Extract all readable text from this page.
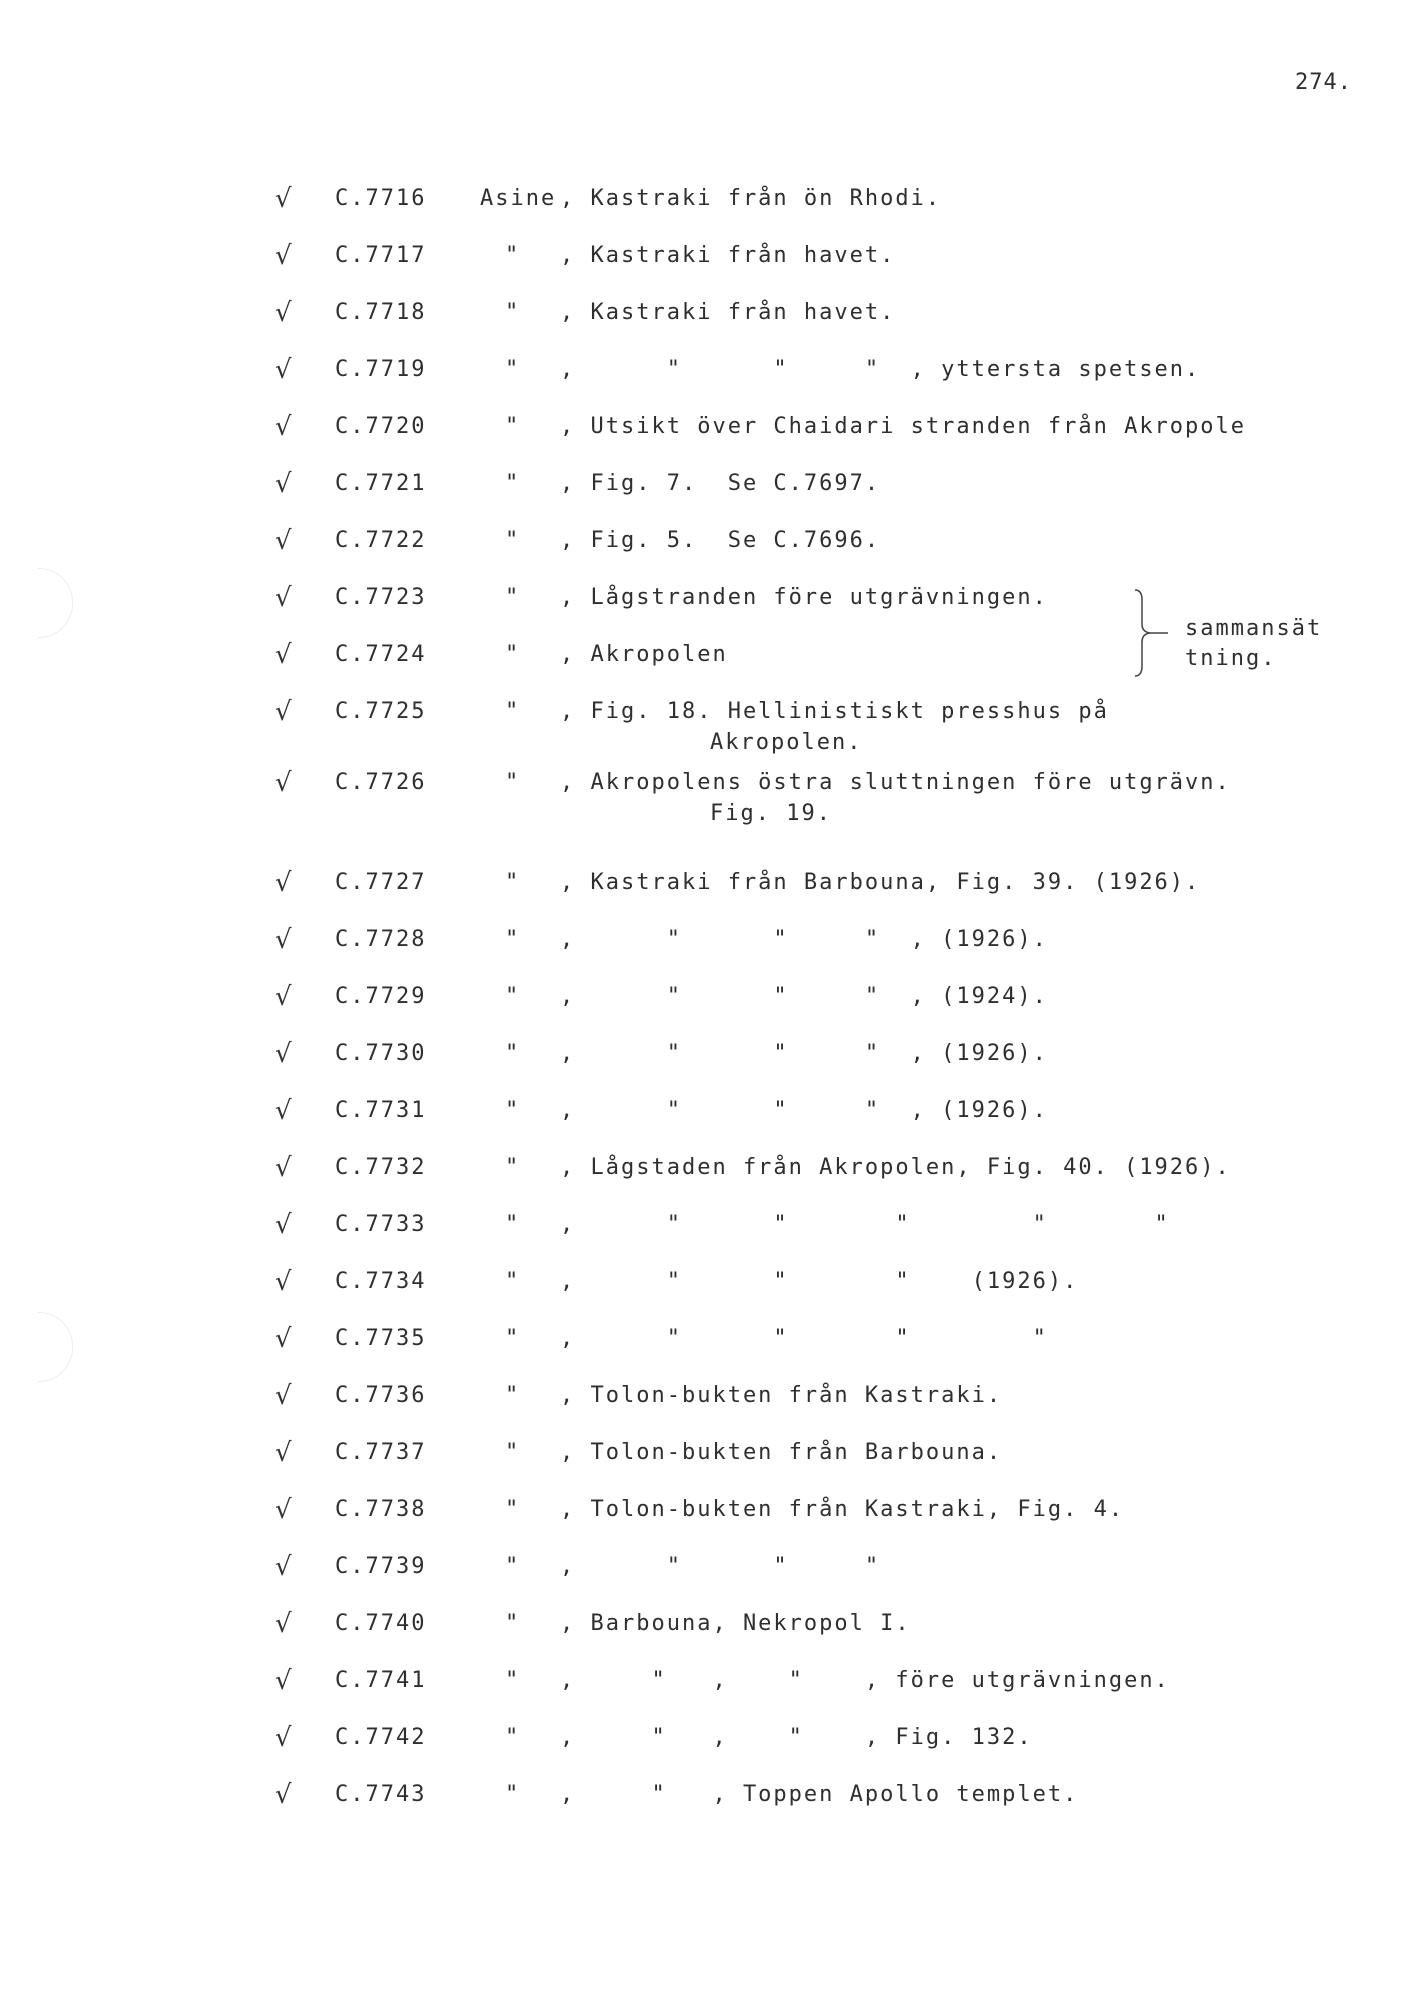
274.
√ C.7716 Asine , Kastraki från ön Rhodi.
√ C.7717	" , Kastraki från havet.
√ C.7718	" , Kastraki från havet.
√ C.7719	" ,      "      "     "  , yttersta spetsen.
√ C.7720	" , Utsikt över Chaidari stranden från Akropole
√ C.7721	" , Fig. 7.  Se C.7697.
√ C.7722	" , Fig. 5.  Se C.7696.
√ C.7723	" , Lågstranden före utgrävningen.
√ C.7724	" , Akropolen
√ C.7725	" , Fig. 18. Hellinistiskt presshus på
Akropolen.
√ C.7726	" , Akropolens östra sluttningen före utgrävn.
Fig. 19.
√ C.7727	" , Kastraki från Barbouna, Fig. 39. (1926).
√ C.7728	" ,      "      "     "  , (1926).
√ C.7729	" ,      "      "     "  , (1924).
√ C.7730	" ,      "      "     "  , (1926).
√ C.7731	" ,      "      "     "  , (1926).
√ C.7732	" , Lågstaden från Akropolen, Fig. 40. (1926).
√ C.7733	" ,      "      "       "        "       "
√ C.7734	" ,      "      "       "    (1926).
√ C.7735	" ,      "      "       "        "
√ C.7736	" , Tolon-bukten från Kastraki.
√ C.7737	" , Tolon-bukten från Barbouna.
√ C.7738	" , Tolon-bukten från Kastraki, Fig. 4.
√ C.7739	" ,      "      "     "
√ C.7740	" , Barbouna, Nekropol I.
√ C.7741	" ,     "   ,    "    , före utgrävningen.
√ C.7742	" ,     "   ,    "    , Fig. 132.
√ C.7743	" ,     "   , Toppen Apollo templet.
sammansät
tning.
